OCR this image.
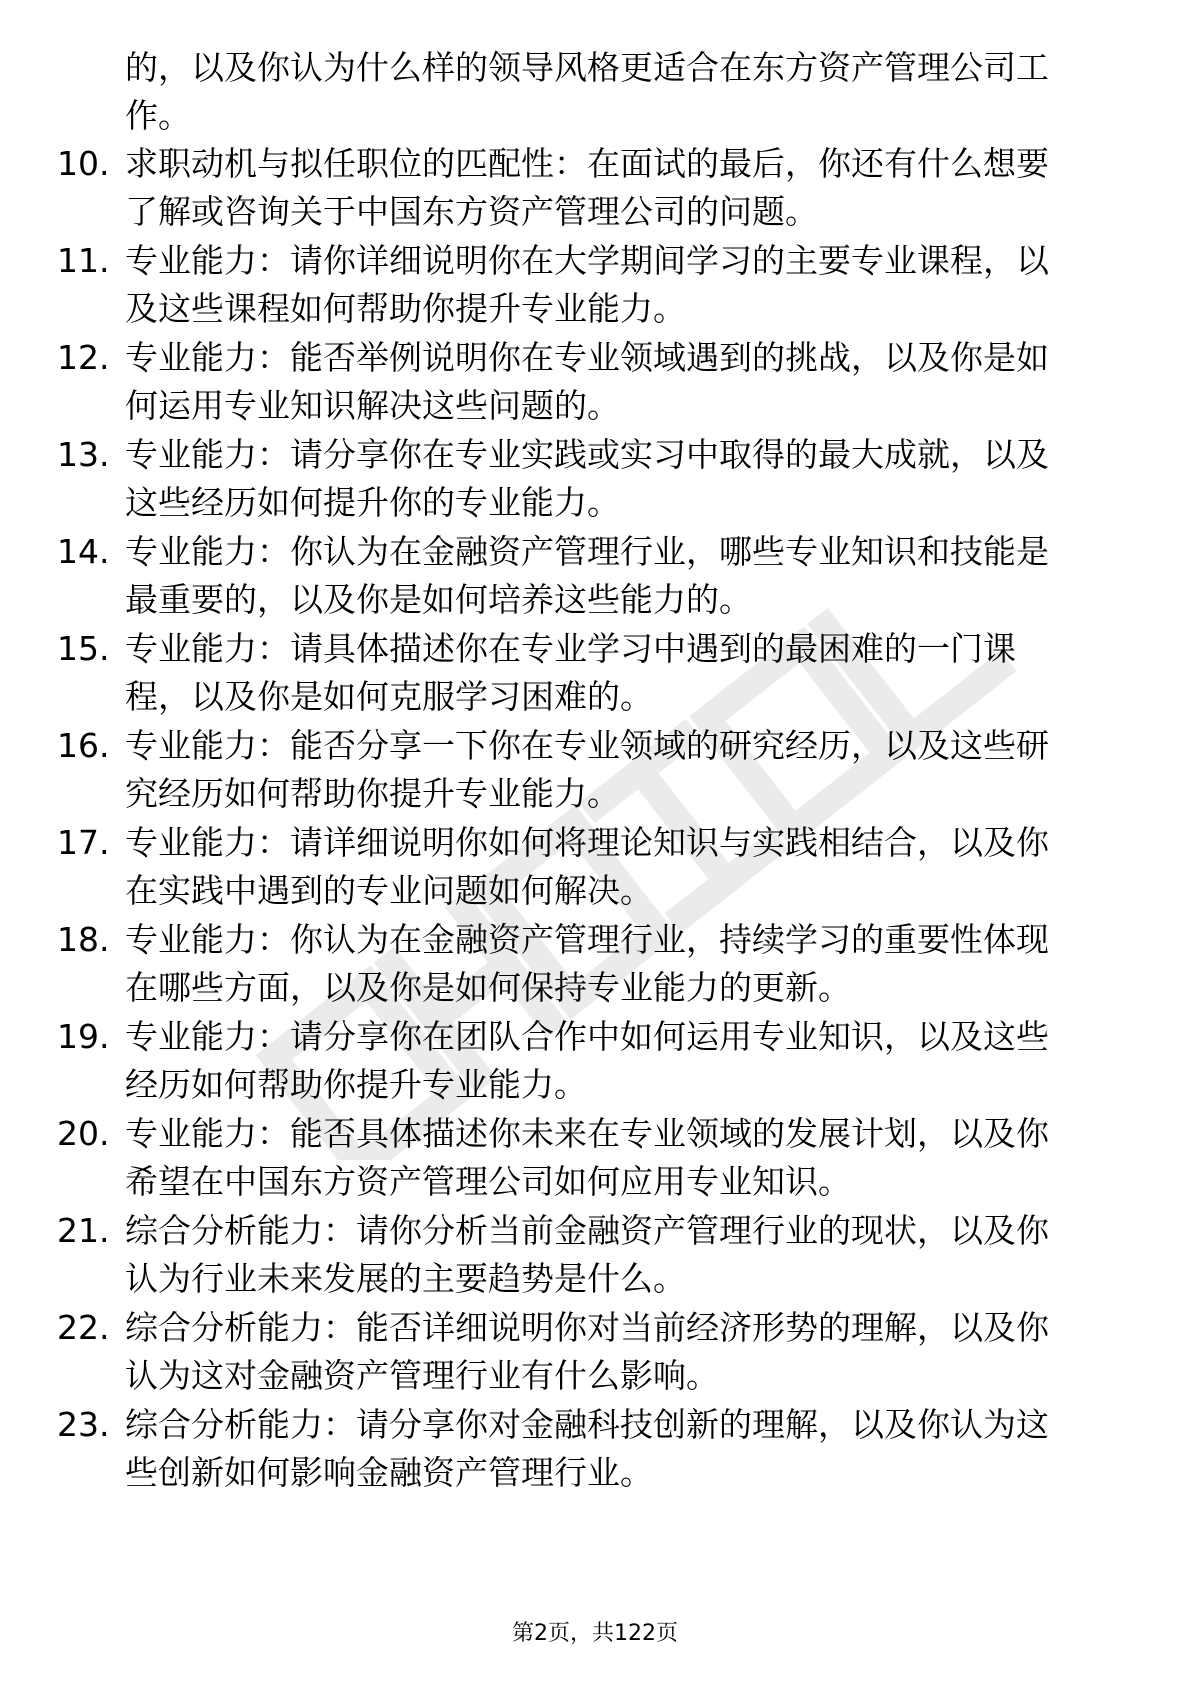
的，以及你认为什么样的领导风格更适合在东方资产管理公司工
作。
10. 求职动机与拟任职位的匹配性：在面试的最后，你还有什么想要
了解或咨询关于中国东方资产管理公司的问题。
11. 专业能力：请你详细说明你在大学期间学习的主要专业课程，以
及这些课程如何帮助你提升专业能力。
12. 专业能力：能否举例说明你在专业领域遇到的挑战，以及你是如
何运用专业知识解决这些问题的。
13. 专业能力：请分享你在专业实践或实习中取得的最大成就，以及
这些经历如何提升你的专业能力。
14. 专业能力：你认为在金融资产管理行业，哪些专业知识和技能是
最重要的，以及你是如何培养这些能力的。
15. 专业能力：请具体描述你在专业学习中遇到的最困难的一门课
程，以及你是如何克服学习困难的。
16. 专业能力：能否分享一下你在专业领域的研究经历，以及这些研
究经历如何帮助你提升专业能力。
17. 专业能力：请详细说明你如何将理论知识与实践相结合，以及你
在实践中遇到的专业问题如何解决。
18. 专业能力：你认为在金融资产管理行业，持续学习的重要性体现
在哪些方面，以及你是如何保持专业能力的更新。
19. 专业能力：请分享你在团队合作中如何运用专业知识，以及这些
经历如何帮助你提升专业能力。
20. 专业能力：能否具体描述你未来在专业领域的发展计划，以及你
希望在中国东方资产管理公司如何应用专业知识。
21. 综合分析能力：请你分析当前金融资产管理行业的现状，以及你
认为行业未来发展的主要趋势是什么。
22. 综合分析能力：能否详细说明你对当前经济形势的理解，以及你
认为这对金融资产管理行业有什么影响。
23. 综合分析能力：请分享你对金融科技创新的理解，以及你认为这
些创新如何影响金融资产管理行业。
第2页，共122页
